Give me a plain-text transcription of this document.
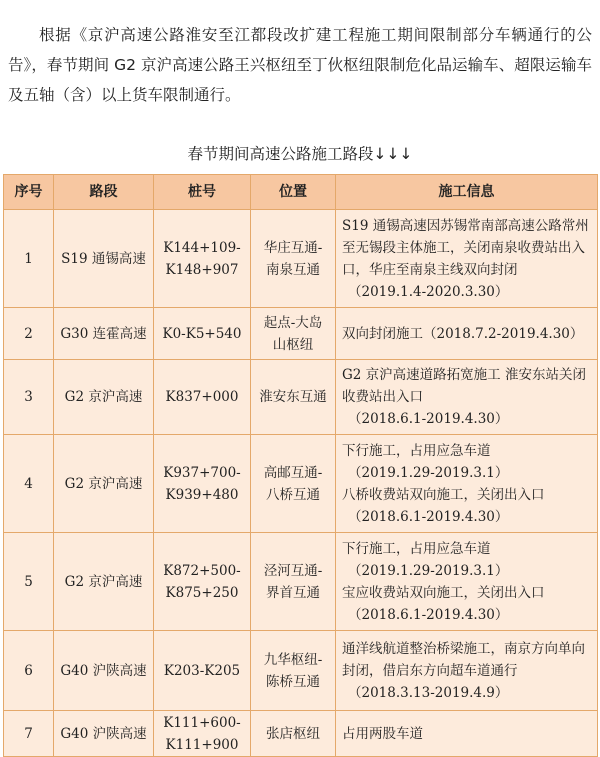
根据《京沪高速公路淮安至江都段改扩建工程施工期间限制部分车辆通行的公告》，春节期间 G2 京沪高速公路王兴枢纽至丁伙枢纽限制危化品运输车、超限运输车及五轴（含）以上货车限制通行。

春节期间高速公路施工路段↓↓↓
序号	路段	桩号	位置	施工信息
1	S19 通锡高速	K144+109-
K148+907	华庄互通-
南泉互通	S19 通锡高速因苏锡常南部高速公路常州至无锡段主体施工，关闭南泉收费站出入口，华庄至南泉主线双向封闭
（2019.1.4-2020.3.30）

2	G30 连霍高速	K0-K5+540	起点-大岛
山枢纽	双向封闭施工（2018.7.2-2019.4.30）

3	G2 京沪高速	K837+000	淮安东互通	G2 京沪高速道路拓宽施工 淮安东站关闭收费站出入口
（2018.6.1-2019.4.30）

4	G2 京沪高速	K937+700-
K939+480	高邮互通-
八桥互通	下行施工，占用应急车道
（2019.1.29-2019.3.1）
八桥收费站双向施工，关闭出入口
（2018.6.1-2019.4.30）

5	G2 京沪高速	K872+500-
K875+250	泾河互通-
界首互通	下行施工，占用应急车道
（2019.1.29-2019.3.1）
宝应收费站双向施工，关闭出入口
（2018.6.1-2019.4.30）

6	G40 沪陕高速	K203-K205	九华枢纽-
陈桥互通	通洋线航道整治桥梁施工，南京方向单向封闭，借启东方向超车道通行
（2018.3.13-2019.4.9）

7	G40 沪陕高速	K111+600-
K111+900	张店枢纽	占用两股车道
